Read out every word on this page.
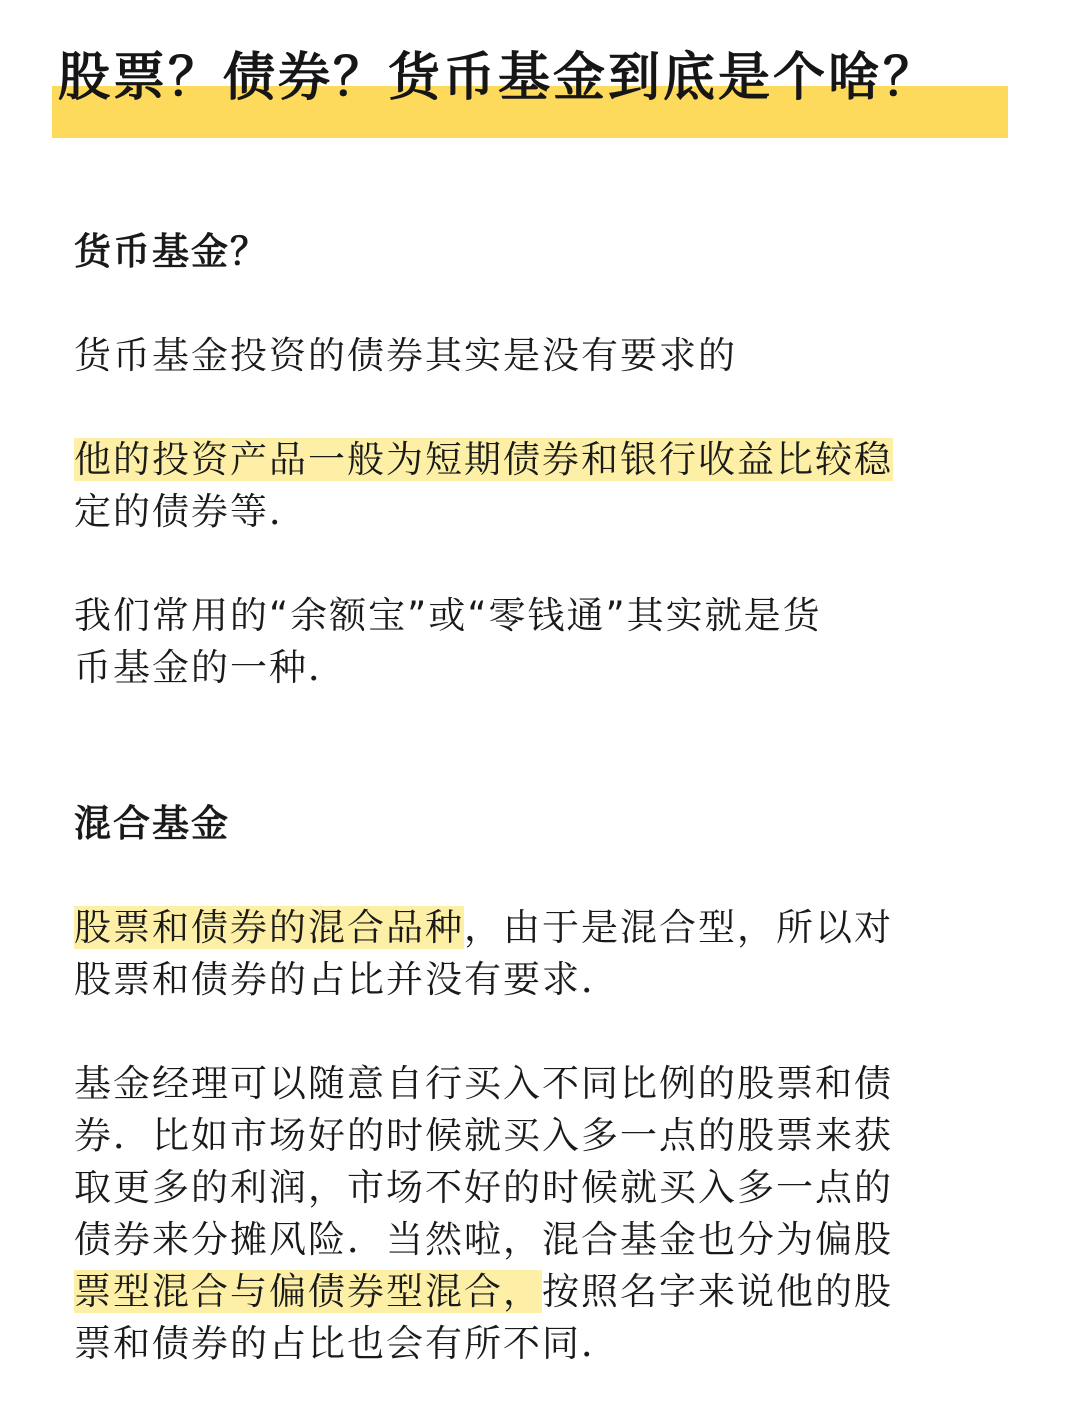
股票？债券？货币基金到底是个啥？
货币基金？
货币基金投资的债券其实是没有要求的
他的投资产品一般为短期债券和银行收益比较稳
定的债券等．
我们常用的“余额宝”或“零钱通”其实就是货
币基金的一种．
混合基金
股票和债券的混合品种，由于是混合型，所以对
股票和债券的占比并没有要求．
基金经理可以随意自行买入不同比例的股票和债
券．比如市场好的时候就买入多一点的股票来获
取更多的利润，市场不好的时候就买入多一点的
债券来分摊风险．当然啦，混合基金也分为偏股
票型混合与偏债券型混合，按照名字来说他的股
票和债券的占比也会有所不同．
